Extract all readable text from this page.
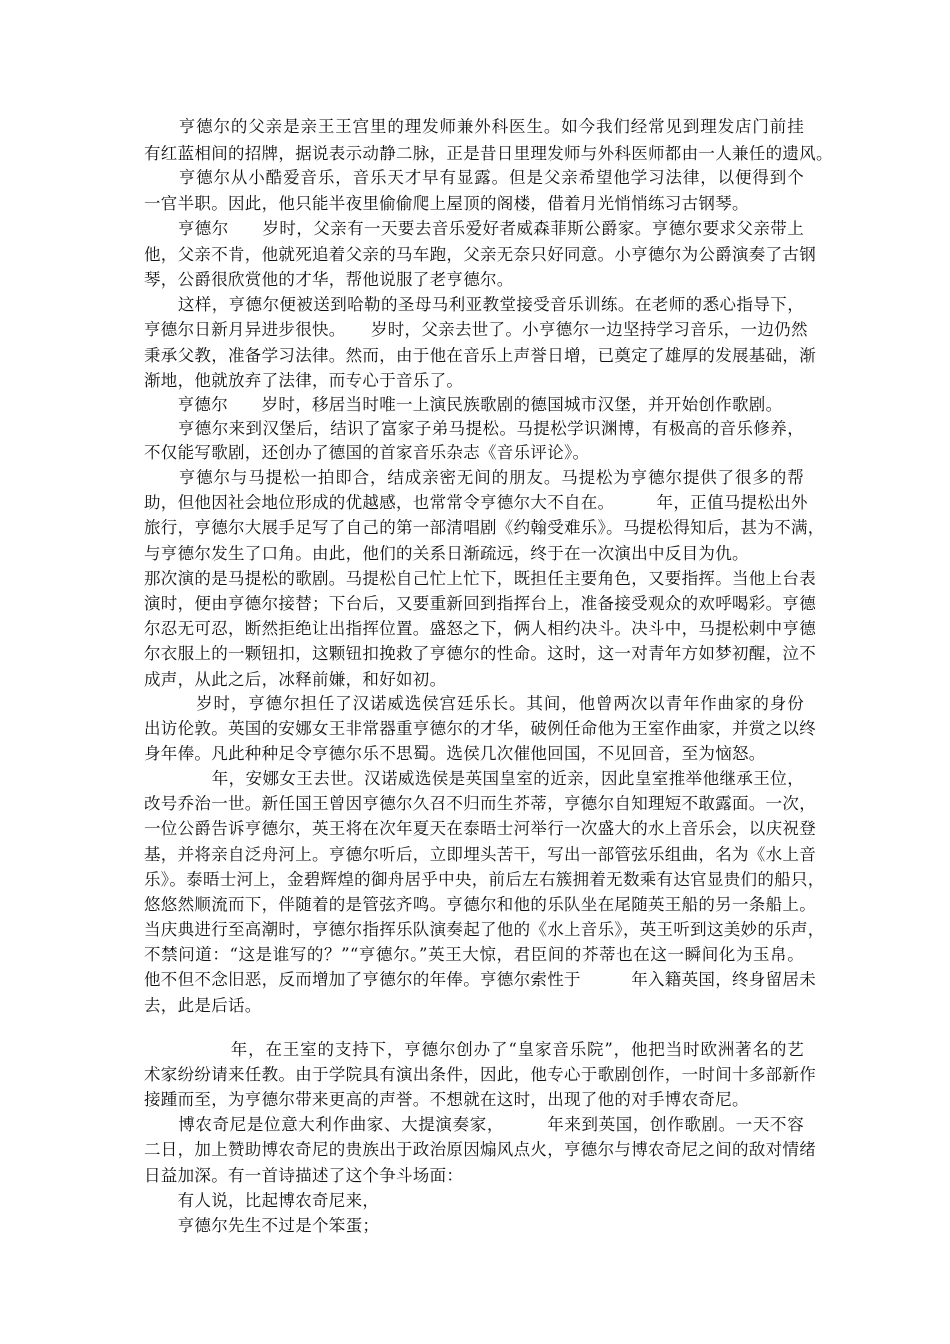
　　亨德尔的父亲是亲王王宫里的理发师兼外科医生。如今我们经常见到理发店门前挂
有红蓝相间的招牌，据说表示动静二脉，正是昔日里理发师与外科医师都由一人兼任的遗风。
　　亨德尔从小酷爱音乐，音乐天才早有显露。但是父亲希望他学习法律，以便得到个
一官半职。因此，他只能半夜里偷偷爬上屋顶的阁楼，借着月光悄悄练习古钢琴。
　　亨德尔　　岁时，父亲有一天要去音乐爱好者威森菲斯公爵家。亨德尔要求父亲带上
他，父亲不肯，他就死追着父亲的马车跑，父亲无奈只好同意。小亨德尔为公爵演奏了古钢
琴，公爵很欣赏他的才华，帮他说服了老亨德尔。
　　这样，亨德尔便被送到哈勒的圣母马利亚教堂接受音乐训练。在老师的悉心指导下，
亨德尔日新月异进步很快。　　岁时，父亲去世了。小亨德尔一边坚持学习音乐，一边仍然
秉承父教，准备学习法律。然而，由于他在音乐上声誉日增，已奠定了雄厚的发展基础，渐
渐地，他就放弃了法律，而专心于音乐了。
　　亨德尔　　岁时，移居当时唯一上演民族歌剧的德国城市汉堡，并开始创作歌剧。
　　亨德尔来到汉堡后，结识了富家子弟马提松。马提松学识渊博，有极高的音乐修养，
不仅能写歌剧，还创办了德国的首家音乐杂志《音乐评论》。
　　亨德尔与马提松一拍即合，结成亲密无间的朋友。马提松为亨德尔提供了很多的帮
助，但他因社会地位形成的优越感，也常常令亨德尔大不自在。　　　年，正值马提松出外
旅行，亨德尔大展手足写了自己的第一部清唱剧《约翰受难乐》。马提松得知后，甚为不满，
与亨德尔发生了口角。由此，他们的关系日渐疏远，终于在一次演出中反目为仇。
那次演的是马提松的歌剧。马提松自己忙上忙下，既担任主要角色，又要指挥。当他上台表
演时，便由亨德尔接替；下台后，又要重新回到指挥台上，准备接受观众的欢呼喝彩。亨德
尔忍无可忍，断然拒绝让出指挥位置。盛怒之下，俩人相约决斗。决斗中，马提松刺中亨德
尔衣服上的一颗钮扣，这颗钮扣挽救了亨德尔的性命。这时，这一对青年方如梦初醒，泣不
成声，从此之后，冰释前嫌，和好如初。
　　　岁时，亨德尔担任了汉诺威选侯宫廷乐长。其间，他曾两次以青年作曲家的身份
出访伦敦。英国的安娜女王非常器重亨德尔的才华，破例任命他为王室作曲家，并赏之以终
身年俸。凡此种种足令亨德尔乐不思蜀。选侯几次催他回国，不见回音，至为恼怒。
　　　　年，安娜女王去世。汉诺威选侯是英国皇室的近亲，因此皇室推举他继承王位，
改号乔治一世。新任国王曾因亨德尔久召不归而生芥蒂，亨德尔自知理短不敢露面。一次，
一位公爵告诉亨德尔，英王将在次年夏天在泰晤士河举行一次盛大的水上音乐会，以庆祝登
基，并将亲自泛舟河上。亨德尔听后，立即埋头苦干，写出一部管弦乐组曲，名为《水上音
乐》。泰晤士河上，金碧辉煌的御舟居乎中央，前后左右簇拥着无数乘有达官显贵们的船只，
悠悠然顺流而下，伴随着的是管弦齐鸣。亨德尔和他的乐队坐在尾随英王船的另一条船上。
当庆典进行至高潮时，亨德尔指挥乐队演奏起了他的《水上音乐》，英王听到这美妙的乐声，
不禁问道：“这是谁写的？”“亨德尔。”英王大惊，君臣间的芥蒂也在这一瞬间化为玉帛。
他不但不念旧恶，反而增加了亨德尔的年俸。亨德尔索性于　　　年入籍英国，终身留居未
去，此是后话。
　　　　　年，在王室的支持下，亨德尔创办了“皇家音乐院”，他把当时欧洲著名的艺
术家纷纷请来任教。由于学院具有演出条件，因此，他专心于歌剧创作，一时间十多部新作
接踵而至，为亨德尔带来更高的声誉。不想就在这时，出现了他的对手博农奇尼。
　　博农奇尼是位意大利作曲家、大提演奏家，　　　年来到英国，创作歌剧。一天不容
二日，加上赞助博农奇尼的贵族出于政治原因煽风点火，亨德尔与博农奇尼之间的敌对情绪
日益加深。有一首诗描述了这个争斗场面：
　　有人说，比起博农奇尼来，
　　亨德尔先生不过是个笨蛋；
